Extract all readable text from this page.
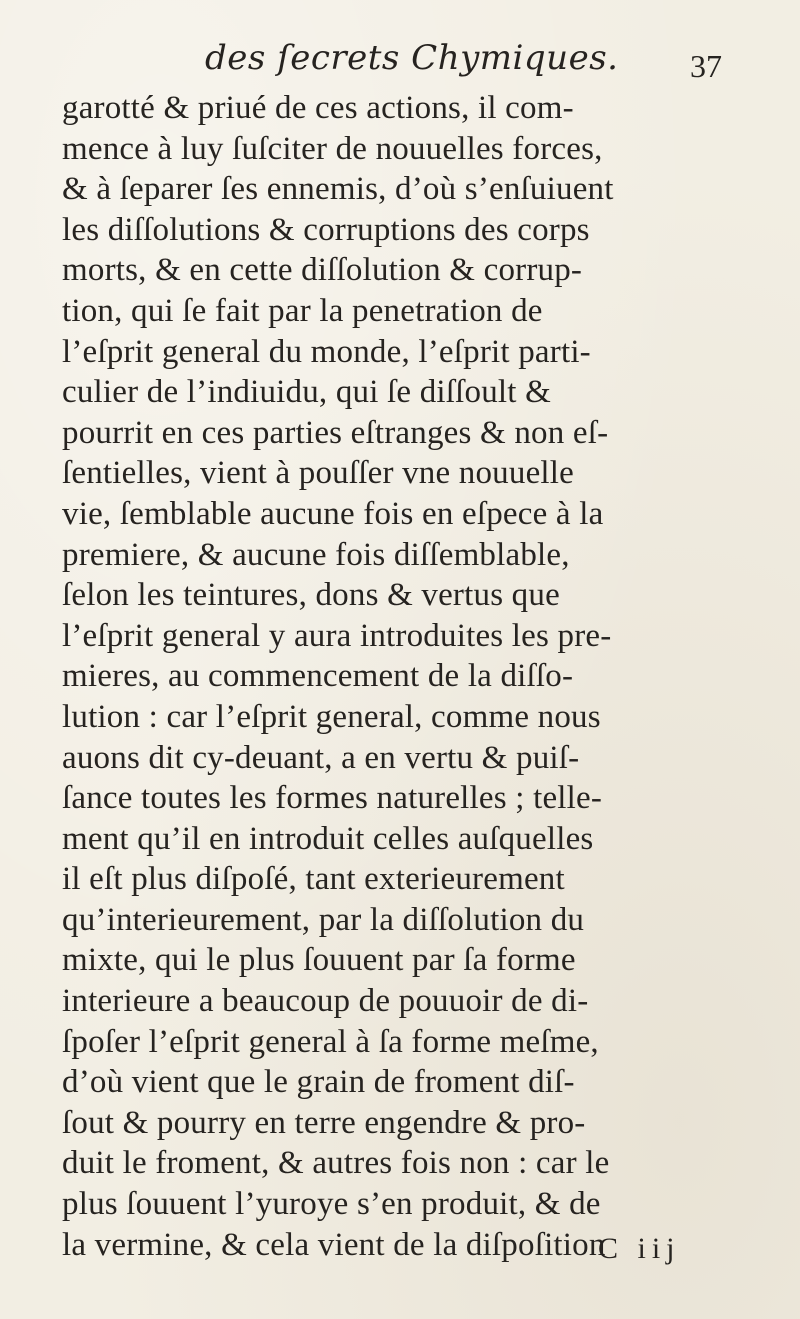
des ſecrets Chymiques. 37
garotté & priué de ces actions, il com-
mence à luy ſuſciter de nouuelles forces,
& à ſeparer ſes ennemis, d’où s’enſuiuent
les diſſolutions & corruptions des corps
morts, & en cette diſſolution & corrup-
tion, qui ſe fait par la penetration de
l’eſprit general du monde, l’eſprit parti-
culier de l’indiuidu, qui ſe diſſoult &
pourrit en ces parties eſtranges & non eſ-
ſentielles, vient à pouſſer vne nouuelle
vie, ſemblable aucune fois en eſpece à la
premiere, & aucune fois diſſemblable,
ſelon les teintures, dons & vertus que
l’eſprit general y aura introduites les pre-
mieres, au commencement de la diſſo-
lution : car l’eſprit general, comme nous
auons dit cy-deuant, a en vertu & puiſ-
ſance toutes les formes naturelles ; telle-
ment qu’il en introduit celles auſquelles
il eſt plus diſpoſé, tant exterieurement
qu’interieurement, par la diſſolution du
mixte, qui le plus ſouuent par ſa forme
interieure a beaucoup de pouuoir de di-
ſpoſer l’eſprit general à ſa forme meſme,
d’où vient que le grain de froment diſ-
ſout & pourry en terre engendre & pro-
duit le froment, & autres fois non : car le
plus ſouuent l’yuroye s’en produit, & de
la vermine, & cela vient de la diſpoſition
C iij
